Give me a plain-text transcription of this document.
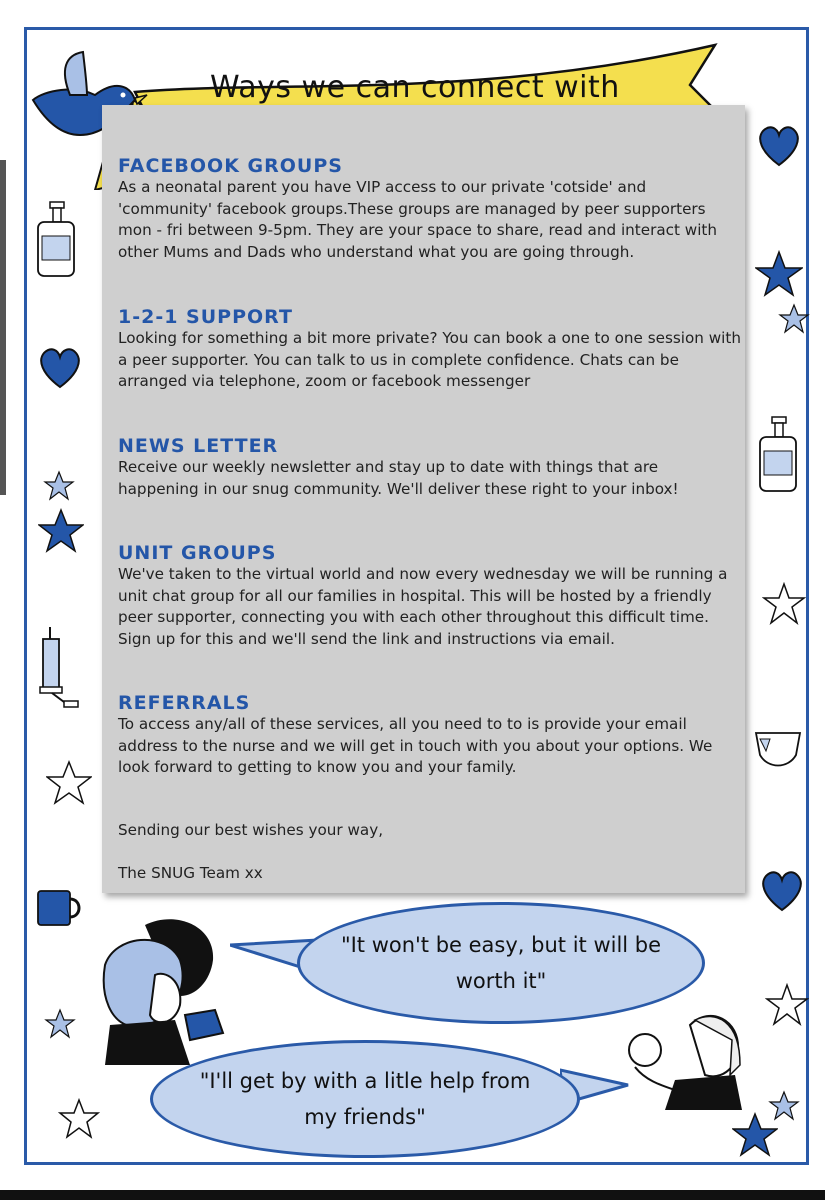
Ways we can connect with
FACEBOOK GROUPS
As a neonatal parent you have VIP access to our private 'cotside' and 'community' facebook groups.These groups are managed by peer supporters mon - fri between 9-5pm. They are your space to share, read and interact with other Mums and Dads who understand what you are going through.
1-2-1 SUPPORT
Looking for something a bit more private? You can book a one to one session with a peer supporter. You can talk to us in complete confidence. Chats can be arranged via telephone, zoom or facebook messenger
NEWS LETTER
Receive our weekly newsletter and stay up to date with things that are happening in our snug community. We'll deliver these right to your inbox!
UNIT GROUPS
We've taken to the virtual world and now every wednesday we will be running a unit chat group for all our families in hospital. This will be hosted by a friendly peer supporter, connecting you with each other throughout this difficult time. Sign up for this and we'll send the link and instructions via email.
REFERRALS
To access any/all of these services, all you need to to is provide your email address to the nurse and we will get in touch with you about your options. We look forward to getting to know you and your family.
Sending our best wishes your way,
The SNUG Team xx
"It won't be easy, but it will be worth it"
"I'll get by with a litle help from my friends"
